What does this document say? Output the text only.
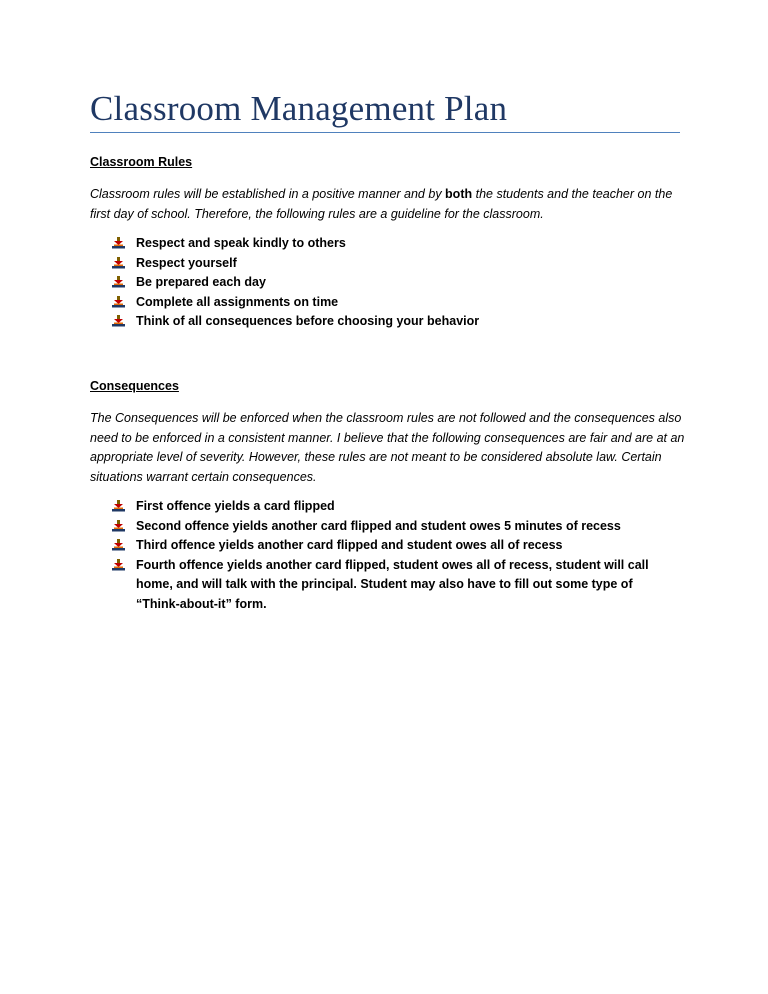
Classroom Management Plan
Classroom Rules
Classroom rules will be established in a positive manner and by both the students and the teacher on the first day of school. Therefore, the following rules are a guideline for the classroom.
Respect and speak kindly to others
Respect yourself
Be prepared each day
Complete all assignments on time
Think of all consequences before choosing your behavior
Consequences
The Consequences will be enforced when the classroom rules are not followed and the consequences also need to be enforced in a consistent manner. I believe that the following consequences are fair and are at an appropriate level of severity. However, these rules are not meant to be considered absolute law. Certain situations warrant certain consequences.
First offence yields a card flipped
Second offence yields another card flipped and student owes 5 minutes of recess
Third offence yields another card flipped and student owes all of recess
Fourth offence yields another card flipped, student owes all of recess, student will call home, and will talk with the principal. Student may also have to fill out some type of “Think-about-it” form.
